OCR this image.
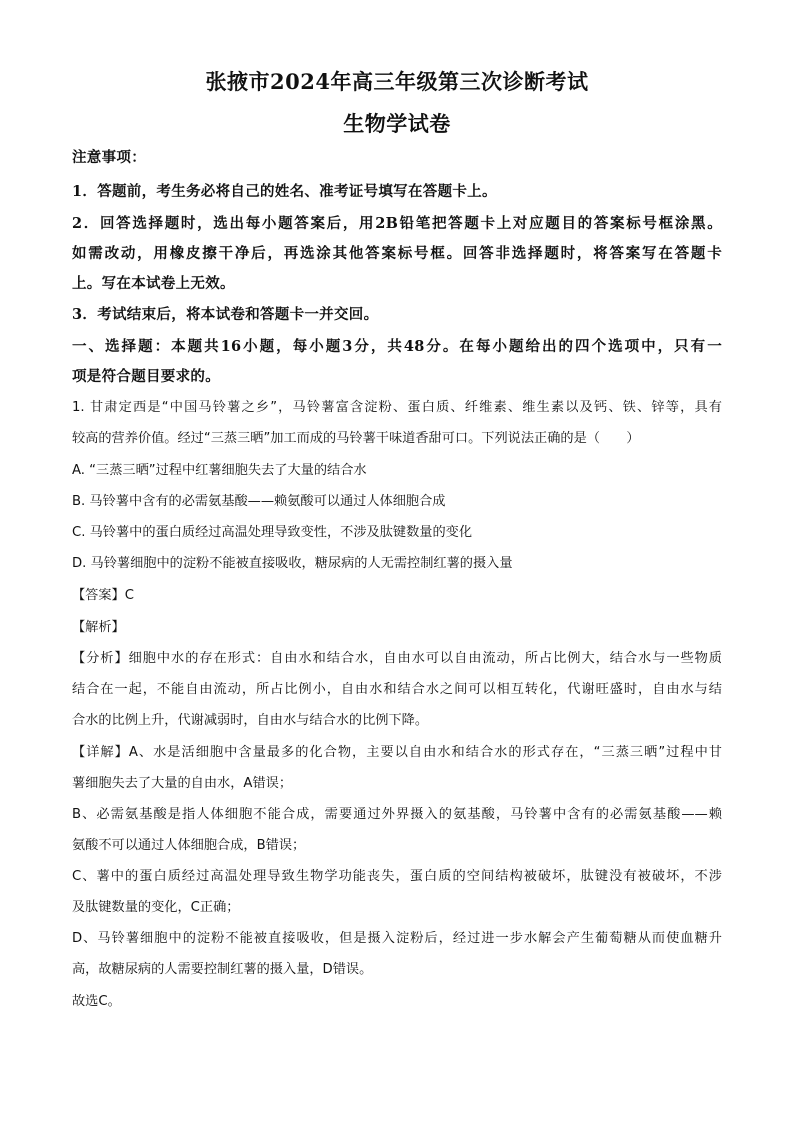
张掖市2024年高三年级第三次诊断考试
生物学试卷
注意事项：
1．答题前，考生务必将自己的姓名、准考证号填写在答题卡上。
2．回答选择题时，选出每小题答案后，用2B铅笔把答题卡上对应题目的答案标号框涂黑。
如需改动，用橡皮擦干净后，再选涂其他答案标号框。回答非选择题时，将答案写在答题卡
上。写在本试卷上无效。
3．考试结束后，将本试卷和答题卡一并交回。
一、选择题：本题共16小题，每小题3分，共48分。在每小题给出的四个选项中，只有一
项是符合题目要求的。
1. 甘肃定西是“中国马铃薯之乡”，马铃薯富含淀粉、蛋白质、纤维素、维生素以及钙、铁、锌等，具有
较高的营养价值。经过“三蒸三晒”加工而成的马铃薯干味道香甜可口。下列说法正确的是（　　）
A. “三蒸三晒”过程中红薯细胞失去了大量的结合水
B. 马铃薯中含有的必需氨基酸——赖氨酸可以通过人体细胞合成
C. 马铃薯中的蛋白质经过高温处理导致变性，不涉及肽键数量的变化
D. 马铃薯细胞中的淀粉不能被直接吸收，糖尿病的人无需控制红薯的摄入量
【答案】C
【解析】
【分析】细胞中水的存在形式：自由水和结合水，自由水可以自由流动，所占比例大，结合水与一些物质
结合在一起，不能自由流动，所占比例小，自由水和结合水之间可以相互转化，代谢旺盛时，自由水与结
合水的比例上升，代谢减弱时，自由水与结合水的比例下降。
【详解】A、水是活细胞中含量最多的化合物，主要以自由水和结合水的形式存在，“三蒸三晒”过程中甘
薯细胞失去了大量的自由水，A错误；
B、必需氨基酸是指人体细胞不能合成，需要通过外界摄入的氨基酸，马铃薯中含有的必需氨基酸——赖
氨酸不可以通过人体细胞合成，B错误；
C、薯中的蛋白质经过高温处理导致生物学功能丧失，蛋白质的空间结构被破坏，肽键没有被破坏，不涉
及肽键数量的变化，C正确；
D、马铃薯细胞中的淀粉不能被直接吸收，但是摄入淀粉后，经过进一步水解会产生葡萄糖从而使血糖升
高，故糖尿病的人需要控制红薯的摄入量，D错误。
故选C。
